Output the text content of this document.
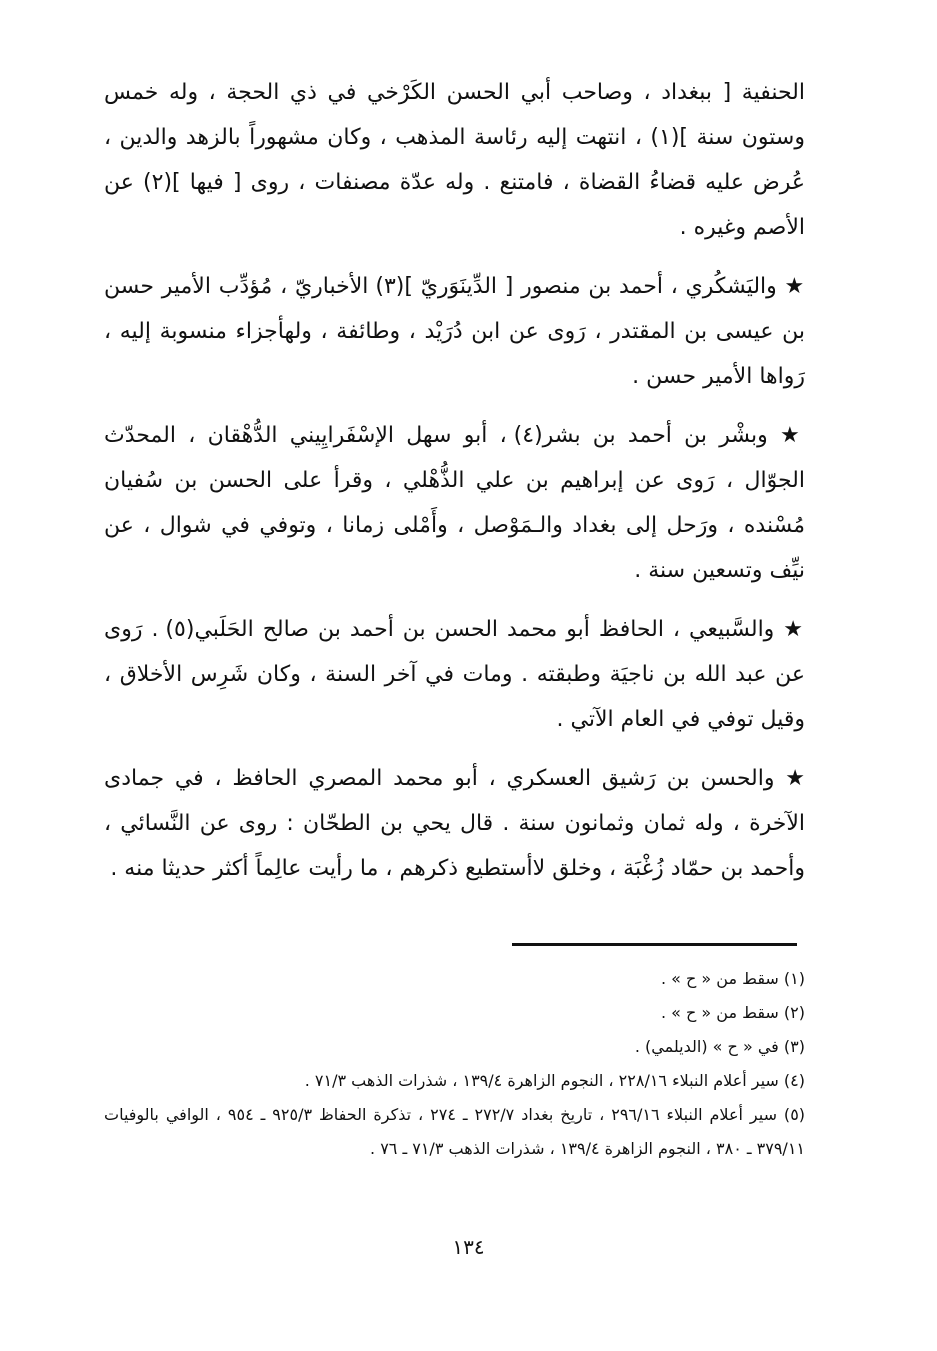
الحنفية [ ببغداد ، وصاحب أبي الحسن الكَرْخي في ذي الحجة ، وله خمس وستون سنة ](١) ، انتهت إليه رئاسة المذهب ، وكان مشهوراً بالزهد والدين ، عُرض عليه قضاءُ القضاة ، فامتنع . وله عدّة مصنفات ، روى [ فيها ](٢) عن الأصم وغيره .

★ واليَشكُري ، أحمد بن منصور [ الدِّينَوَريّ ](٣) الأخباريّ ، مُؤدِّب الأمير حسن بن عيسى بن المقتدر ، رَوى عن ابن دُرَيْد ، وطائفة ، ولهأجزاء منسوبة إليه ، رَواها الأمير حسن .

★ وبشْر بن أحمد بن بشر(٤) ، أبو سهل الإسْفَرايِيني الدُّهْقان ، المحدّث الجوّال ، رَوى عن إبراهيم بن علي الذُّهْلي ، وقرأ على الحسن بن سُفيان مُسْنده ، ورَحل إلى بغداد والـمَوْصل ، وأَمْلى زمانا ، وتوفي في شوال ، عن نيِّف وتسعين سنة .

★ والسَّبيعي ، الحافظ أبو محمد الحسن بن أحمد بن صالح الحَلَبي(٥) . رَوى عن عبد الله بن ناجيَة وطبقته . ومات في آخر السنة ، وكان شَرِس الأخلاق ، وقيل توفي في العام الآتي .

★ والحسن بن رَشيق العسكري ، أبو محمد المصري الحافظ ، في جمادى الآخرة ، وله ثمان وثمانون سنة . قال يحي بن الطحّان : روى عن النَّسائي ، وأحمد بن حمّاد زُغْبَة ، وخلق لاأستطيع ذكرهم ، ما رأيت عالِماً أكثر حديثا منه .

(١) سقط من « ح » .

(٢) سقط من « ح » .

(٣) في « ح » (الديلمي) .

(٤) سير أعلام النبلاء ٢٢٨/١٦ ، النجوم الزاهرة ١٣٩/٤ ، شذرات الذهب ٧١/٣ .

(٥) سير أعلام النبلاء ٢٩٦/١٦ ، تاريخ بغداد ٢٧٢/٧ ـ ٢٧٤ ، تذكرة الحفاظ ٩٢٥/٣ ـ ٩٥٤ ، الوافي بالوفيات ٣٧٩/١١ ـ ٣٨٠ ، النجوم الزاهرة ١٣٩/٤ ، شذرات الذهب ٧١/٣ ـ ٧٦ .

١٣٤
